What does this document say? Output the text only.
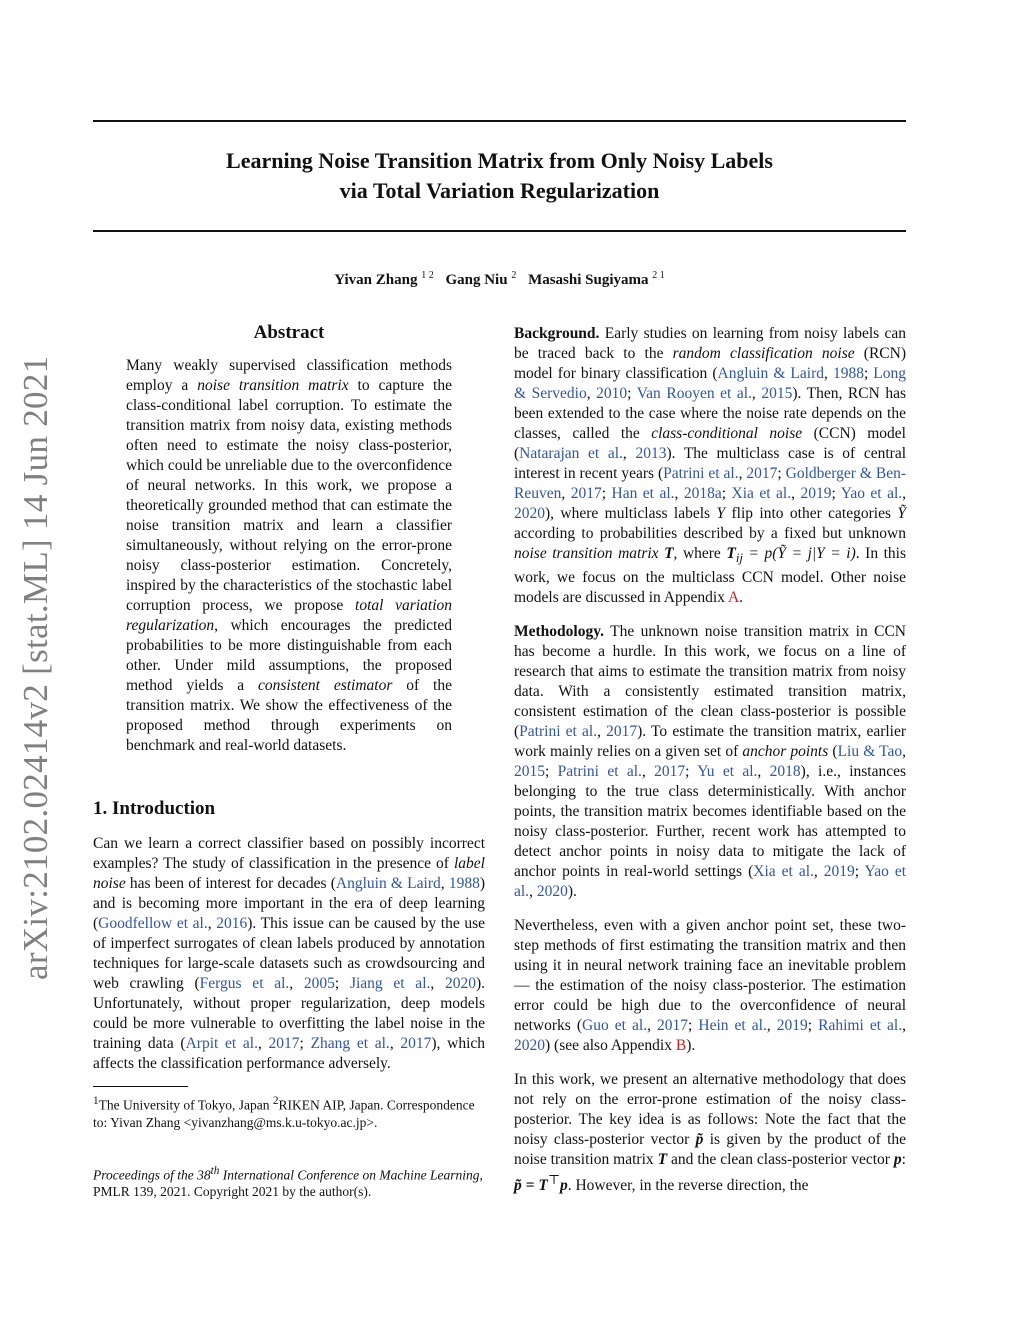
Learning Noise Transition Matrix from Only Noisy Labels
via Total Variation Regularization
Yivan Zhang $^{1 2}$ Gang Niu $^2$ Masashi Sugiyama $^{2 1}$
arXiv:2102.02414v2 [stat.ML] 14 Jun 2021
Abstract

Many weakly supervised classification methods employ a noise transition matrix to capture the class-conditional label corruption. To estimate the transition matrix from noisy data, existing methods often need to estimate the noisy class-posterior, which could be unreliable due to the overconfidence of neural networks. In this work, we propose a theoretically grounded method that can estimate the noise transition matrix and learn a classifier simultaneously, without relying on the error-prone noisy class-posterior estimation. Concretely, inspired by the characteristics of the stochastic label corruption process, we propose total variation regularization, which encourages the predicted probabilities to be more distinguishable from each other. Under mild assumptions, the proposed method yields a consistent estimator of the transition matrix. We show the effectiveness of the proposed method through experiments on benchmark and real-world datasets.

1. Introduction

Can we learn a correct classifier based on possibly incorrect examples? The study of classification in the presence of label noise has been of interest for decades (Angluin & Laird, 1988) and is becoming more important in the era of deep learning (Goodfellow et al., 2016). This issue can be caused by the use of imperfect surrogates of clean labels produced by annotation techniques for large-scale datasets such as crowdsourcing and web crawling (Fergus et al., 2005; Jiang et al., 2020). Unfortunately, without proper regularization, deep models could be more vulnerable to overfitting the label noise in the training data (Arpit et al., 2017; Zhang et al., 2017), which affects the classification performance adversely.

$^1$The University of Tokyo, Japan $^2$RIKEN AIP, Japan. Correspondence to: Yivan Zhang <yivanzhang@ms.k.u-tokyo.ac.jp>.

Proceedings of the 38th International Conference on Machine Learning, PMLR 139, 2021. Copyright 2021 by the author(s).

Background. Early studies on learning from noisy labels can be traced back to the random classification noise (RCN) model for binary classification (Angluin & Laird, 1988; Long & Servedio, 2010; Van Rooyen et al., 2015). Then, RCN has been extended to the case where the noise rate depends on the classes, called the class-conditional noise (CCN) model (Natarajan et al., 2013). The multiclass case is of central interest in recent years (Patrini et al., 2017; Goldberger & Ben-Reuven, 2017; Han et al., 2018a; Xia et al., 2019; Yao et al., 2020), where multiclass labels Y flip into other categories Ỹ according to probabilities described by a fixed but unknown noise transition matrix T, where $T_{ij}$ = p(Ỹ = j|Y = i). In this work, we focus on the multiclass CCN model. Other noise models are discussed in Appendix A.

Methodology. The unknown noise transition matrix in CCN has become a hurdle. In this work, we focus on a line of research that aims to estimate the transition matrix from noisy data. With a consistently estimated transition matrix, consistent estimation of the clean class-posterior is possible (Patrini et al., 2017). To estimate the transition matrix, earlier work mainly relies on a given set of anchor points (Liu & Tao, 2015; Patrini et al., 2017; Yu et al., 2018), i.e., instances belonging to the true class deterministically. With anchor points, the transition matrix becomes identifiable based on the noisy class-posterior. Further, recent work has attempted to detect anchor points in noisy data to mitigate the lack of anchor points in real-world settings (Xia et al., 2019; Yao et al., 2020).

Nevertheless, even with a given anchor point set, these two-step methods of first estimating the transition matrix and then using it in neural network training face an inevitable problem — the estimation of the noisy class-posterior. The estimation error could be high due to the overconfidence of neural networks (Guo et al., 2017; Hein et al., 2019; Rahimi et al., 2020) (see also Appendix B).

In this work, we present an alternative methodology that does not rely on the error-prone estimation of the noisy class-posterior. The key idea is as follows: Note the fact that the noisy class-posterior vector p̃ is given by the product of the noise transition matrix T and the clean class-posterior vector p: p̃ = T⊤p. However, in the reverse direction, the
